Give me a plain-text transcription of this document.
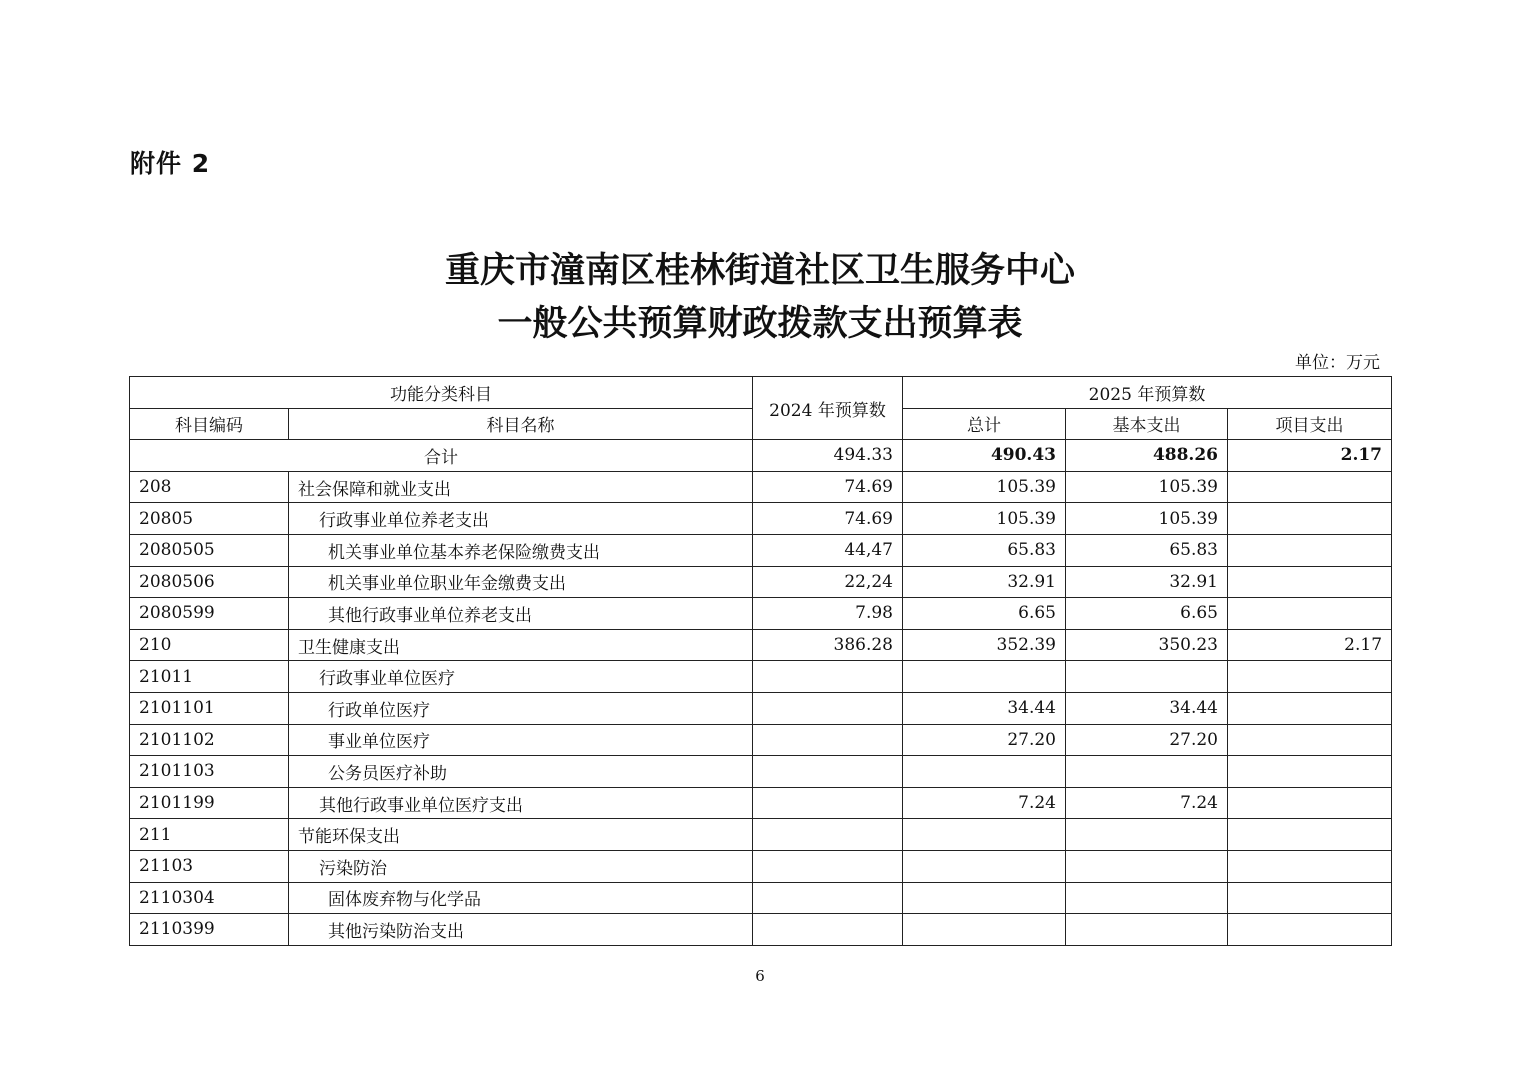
附件 2
重庆市潼南区桂林街道社区卫生服务中心
一般公共预算财政拨款支出预算表
单位：万元
功能分类科目		2024 年预算数	2025 年预算数		
科目编码	科目名称		总计	基本支出	项目支出
合计		494.33	490.43	488.26	2.17
208	社会保障和就业支出	74.69	105.39	105.39	
20805	行政事业单位养老支出	74.69	105.39	105.39	
2080505	机关事业单位基本养老保险缴费支出	44,47	65.83	65.83	
2080506	机关事业单位职业年金缴费支出	22,24	32.91	32.91	
2080599	其他行政事业单位养老支出	7.98	6.65	6.65	
210	卫生健康支出	386.28	352.39	350.23	2.17
21011	行政事业单位医疗				
2101101	行政单位医疗		34.44	34.44	
2101102	事业单位医疗		27.20	27.20	
2101103	公务员医疗补助				
2101199	其他行政事业单位医疗支出		7.24	7.24	
211	节能环保支出				
21103	污染防治				
2110304	固体废弃物与化学品				
2110399	其他污染防治支出				
6
